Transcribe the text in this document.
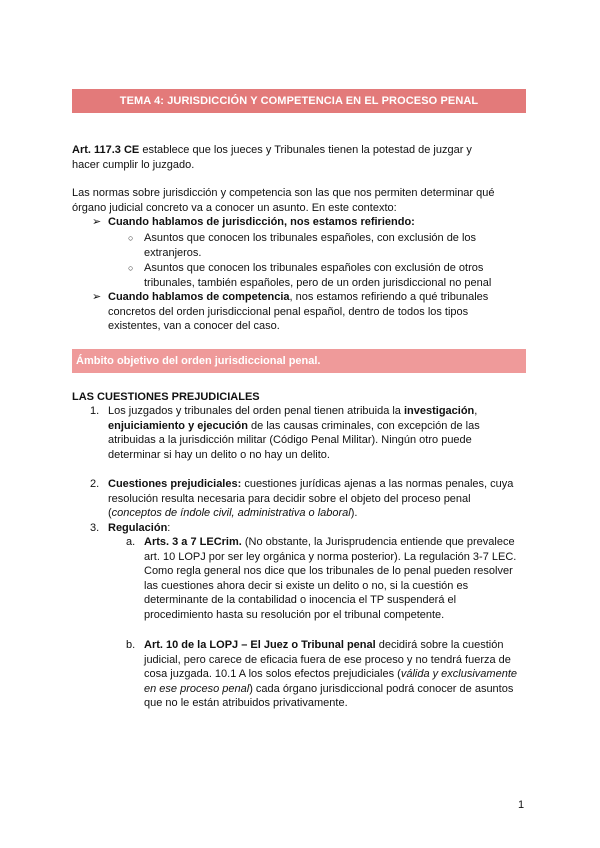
TEMA 4: JURISDICCIÓN Y COMPETENCIA EN EL PROCESO PENAL

Art. 117.3 CE establece que los jueces y Tribunales tienen la potestad de juzgar y

hacer cumplir lo juzgado.

Las normas sobre jurisdicción y competencia son las que nos permiten determinar qué

órgano judicial concreto va a conocer un asunto. En este contexto:

➢ Cuando hablamos de jurisdicción, nos estamos refiriendo:
○ Asuntos que conocen los tribunales españoles, con exclusión de los

extranjeros.

○ Asuntos que conocen los tribunales españoles con exclusión de otros

tribunales, también españoles, pero de un orden jurisdiccional no penal

➢ Cuando hablamos de competencia, nos estamos refiriendo a qué tribunales

concretos del orden jurisdiccional penal español, dentro de todos los tipos

existentes, van a conocer del caso.

Ámbito objetivo del orden jurisdiccional penal.
LAS CUESTIONES PREJUDICIALES
1. Los juzgados y tribunales del orden penal tienen atribuida la investigación,

enjuiciamiento y ejecución de las causas criminales, con excepción de las

atribuidas a la jurisdicción militar (Código Penal Militar). Ningún otro puede

determinar si hay un delito o no hay un delito.

2. Cuestiones prejudiciales: cuestiones jurídicas ajenas a las normas penales, cuya

resolución resulta necesaria para decidir sobre el objeto del proceso penal

(conceptos de índole civil, administrativa o laboral).

3. Regulación:

a. Arts. 3 a 7 LECrim. (No obstante, la Jurisprudencia entiende que prevalece

art. 10 LOPJ por ser ley orgánica y norma posterior). La regulación 3-7 LEC.

Como regla general nos dice que los tribunales de lo penal pueden resolver

las cuestiones ahora decir si existe un delito o no, si la cuestión es

determinante de la contabilidad o inocencia el TP suspenderá el

procedimiento hasta su resolución por el tribunal competente.

b. Art. 10 de la LOPJ – El Juez o Tribunal penal decidirá sobre la cuestión

judicial, pero carece de eficacia fuera de ese proceso y no tendrá fuerza de

cosa juzgada. 10.1 A los solos efectos prejudiciales (válida y exclusivamente

en ese proceso penal) cada órgano jurisdiccional podrá conocer de asuntos

que no le están atribuidos privativamente.

1
